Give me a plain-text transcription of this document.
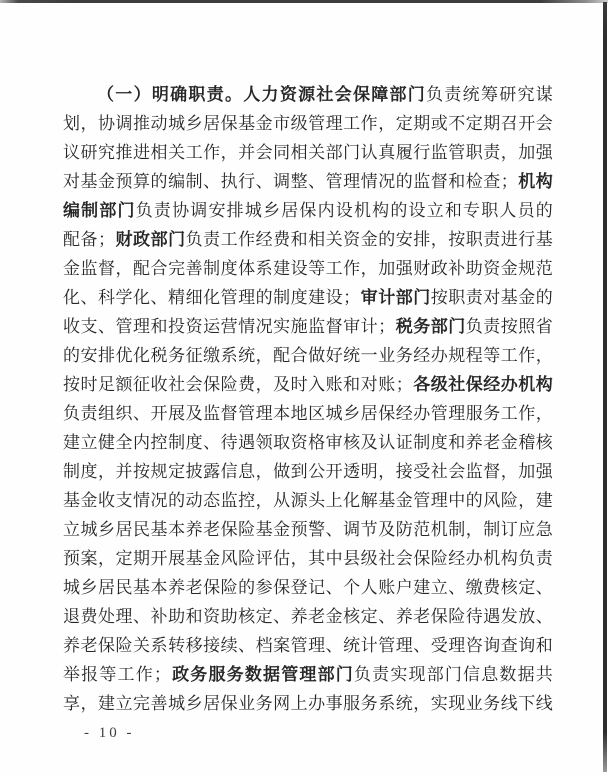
（一）明确职责。人力资源社会保障部门负责统筹研究谋
划，协调推动城乡居保基金市级管理工作，定期或不定期召开会
议研究推进相关工作，并会同相关部门认真履行监管职责，加强
对基金预算的编制、执行、调整、管理情况的监督和检查；机构
编制部门负责协调安排城乡居保内设机构的设立和专职人员的
配备；财政部门负责工作经费和相关资金的安排，按职责进行基
金监督，配合完善制度体系建设等工作，加强财政补助资金规范
化、科学化、精细化管理的制度建设；审计部门按职责对基金的
收支、管理和投资运营情况实施监督审计；税务部门负责按照省
的安排优化税务征缴系统，配合做好统一业务经办规程等工作，
按时足额征收社会保险费，及时入账和对账；各级社保经办机构
负责组织、开展及监督管理本地区城乡居保经办管理服务工作，
建立健全内控制度、待遇领取资格审核及认证制度和养老金稽核
制度，并按规定披露信息，做到公开透明，接受社会监督，加强
基金收支情况的动态监控，从源头上化解基金管理中的风险，建
立城乡居民基本养老保险基金预警、调节及防范机制，制订应急
预案，定期开展基金风险评估，其中县级社会保险经办机构负责
城乡居民基本养老保险的参保登记、个人账户建立、缴费核定、
退费处理、补助和资助核定、养老金核定、养老保险待遇发放、
养老保险关系转移接续、档案管理、统计管理、受理咨询查询和
举报等工作；政务服务数据管理部门负责实现部门信息数据共
享，建立完善城乡居保业务网上办事服务系统，实现业务线下线
- 10 -
